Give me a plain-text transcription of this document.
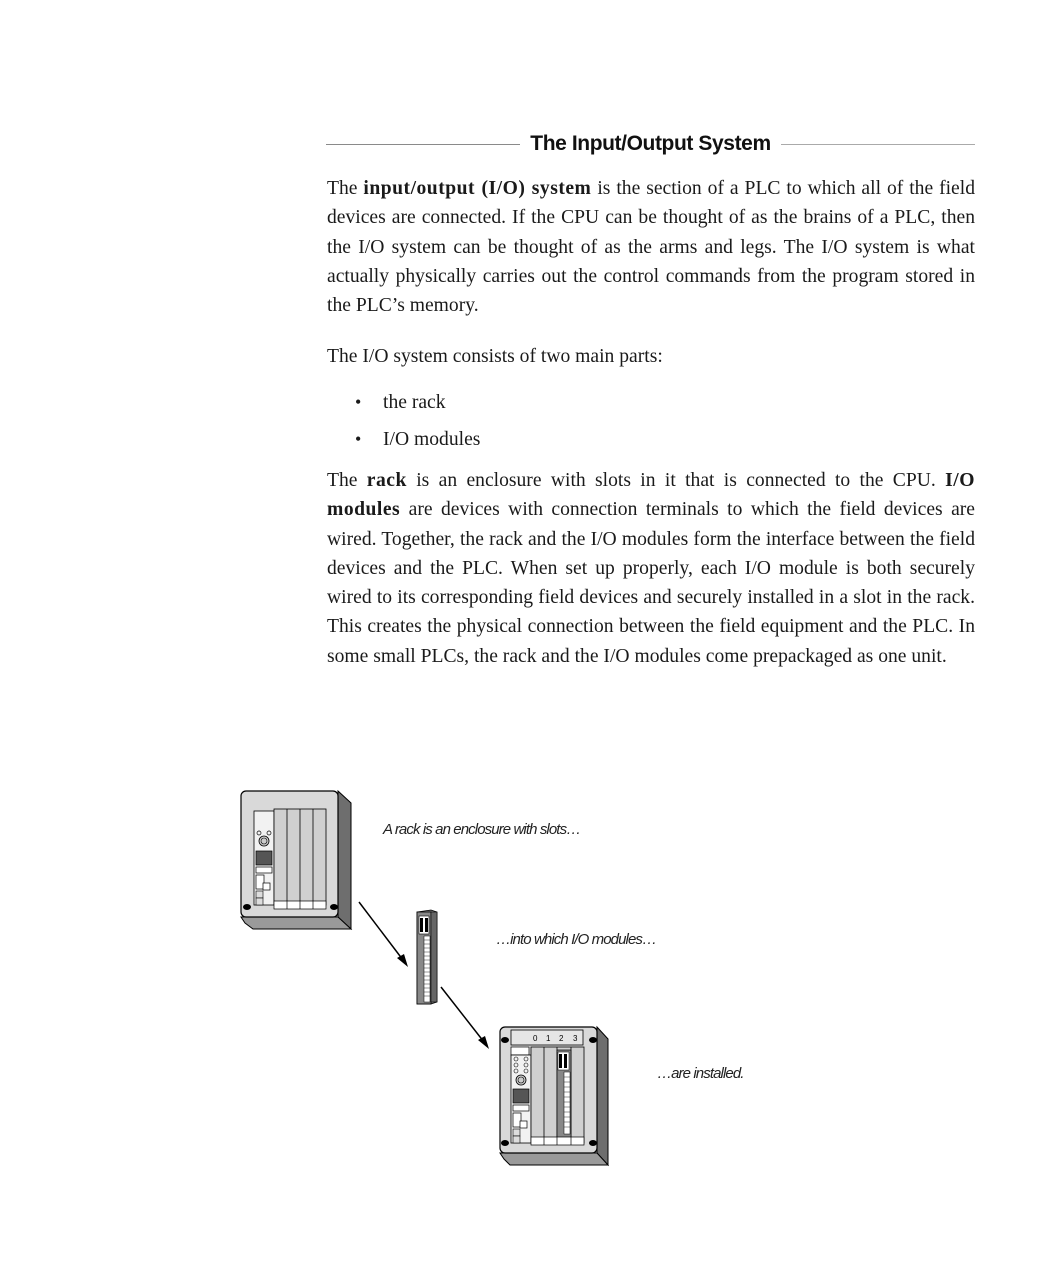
The Input/Output System

The input/output (I/O) system is the section of a PLC to which all of the field devices are connected. If the CPU can be thought of as the brains of a PLC, then the I/O system can be thought of as the arms and legs. The I/O system is what actually physically carries out the control commands from the program stored in the PLC’s memory.

The I/O system consists of two main parts:

•	the rack
•	I/O modules

The rack is an enclosure with slots in it that is connected to the CPU. I/O modules are devices with connection terminals to which the field devices are wired. Together, the rack and the I/O modules form the interface between the field devices and the PLC. When set up properly, each I/O module is both securely wired to its corresponding field devices and securely installed in a slot in the rack. This creates the physical connection between the field equipment and the PLC. In some small PLCs, the rack and the I/O modules come prepackaged as one unit.

0 1 2 3
A rack is an enclosure with slots…
…into which I/O modules…
…are installed.
